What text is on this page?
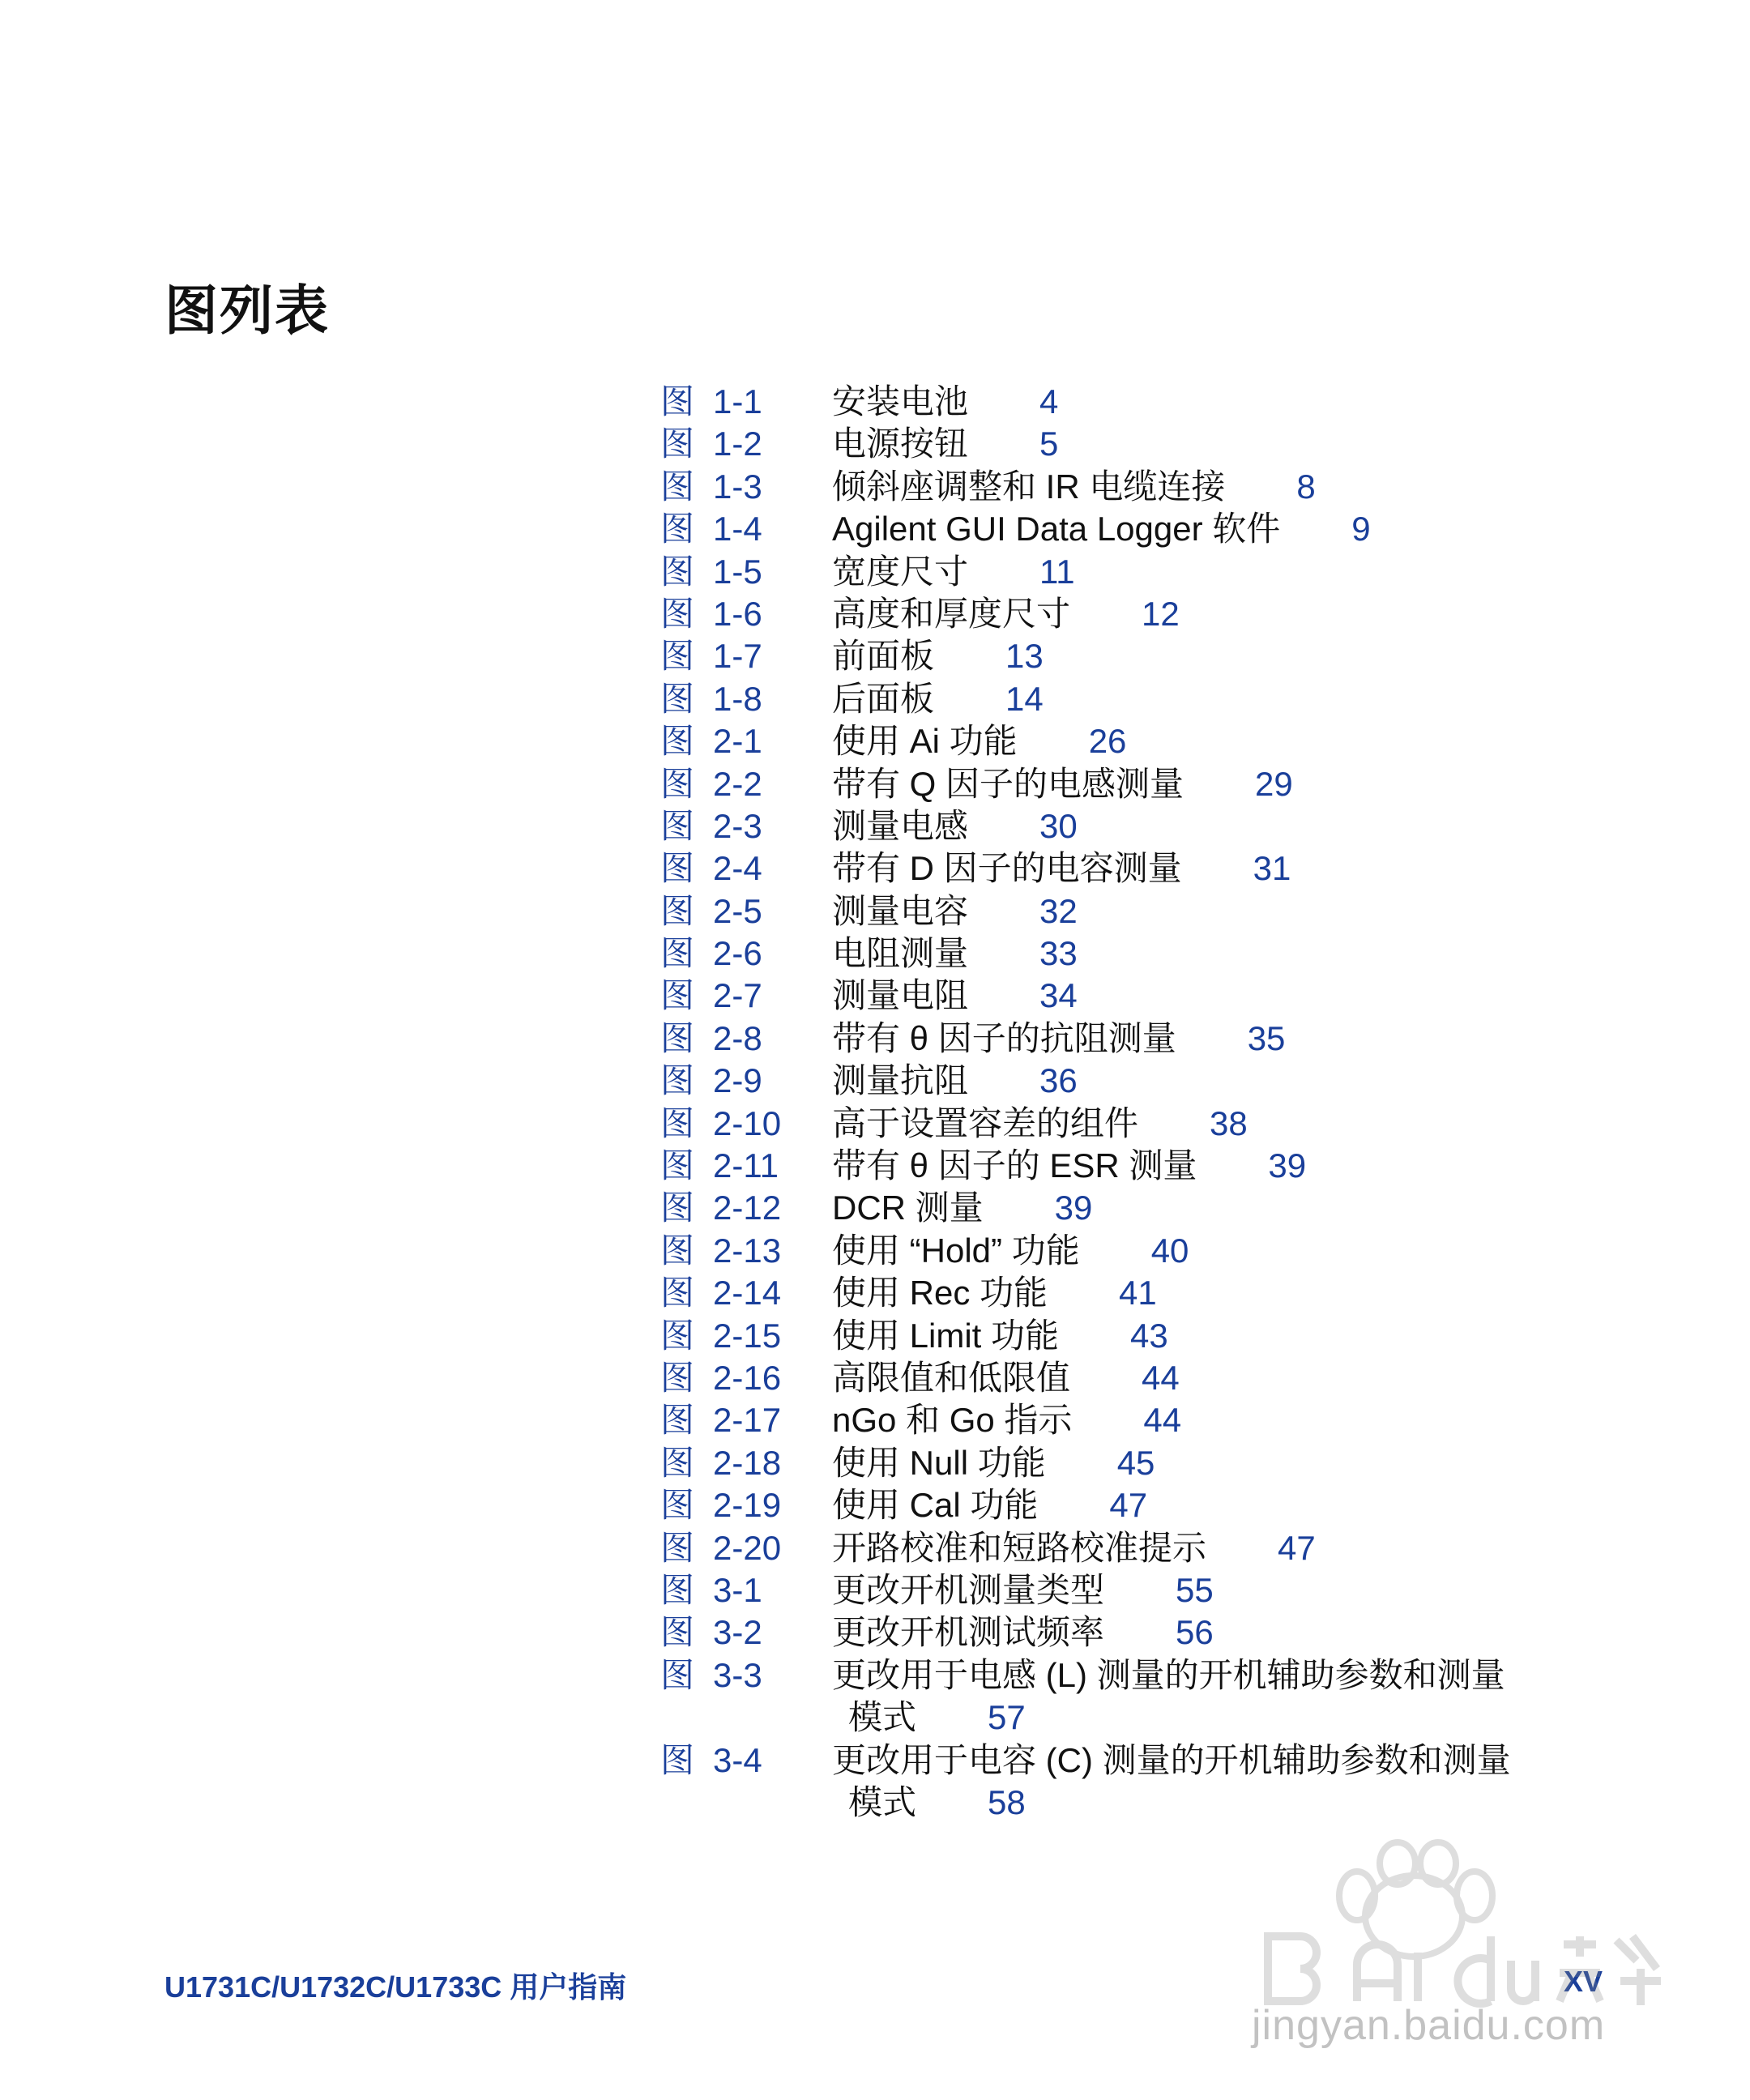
图列表
图 1-1 安装电池 4
图 1-2 电源按钮 5
图 1-3 倾斜座调整和 IR 电缆连接 8
图 1-4 Agilent GUI Data Logger 软件 9
图 1-5 宽度尺寸 11
图 1-6 高度和厚度尺寸 12
图 1-7 前面板 13
图 1-8 后面板 14
图 2-1 使用 Ai 功能 26
图 2-2 带有 Q 因子的电感测量 29
图 2-3 测量电感 30
图 2-4 带有 D 因子的电容测量 31
图 2-5 测量电容 32
图 2-6 电阻测量 33
图 2-7 测量电阻 34
图 2-8 带有 θ 因子的抗阻测量 35
图 2-9 测量抗阻 36
图 2-10 高于设置容差的组件 38
图 2-11 带有 θ 因子的 ESR 测量 39
图 2-12 DCR 测量 39
图 2-13 使用 “Hold” 功能 40
图 2-14 使用 Rec 功能 41
图 2-15 使用 Limit 功能 43
图 2-16 高限值和低限值 44
图 2-17 nGo 和 Go 指示 44
图 2-18 使用 Null 功能 45
图 2-19 使用 Cal 功能 47
图 2-20 开路校准和短路校准提示 47
图 3-1 更改开机测量类型 55
图 3-2 更改开机测试频率 56
图 3-3 更改用于电感 (L) 测量的开机辅助参数和测量
模式 57
图 3-4 更改用于电容 (C) 测量的开机辅助参数和测量
模式 58
U1731C/U1732C/U1733C 用户指南	XV
jingyan.baidu.com
